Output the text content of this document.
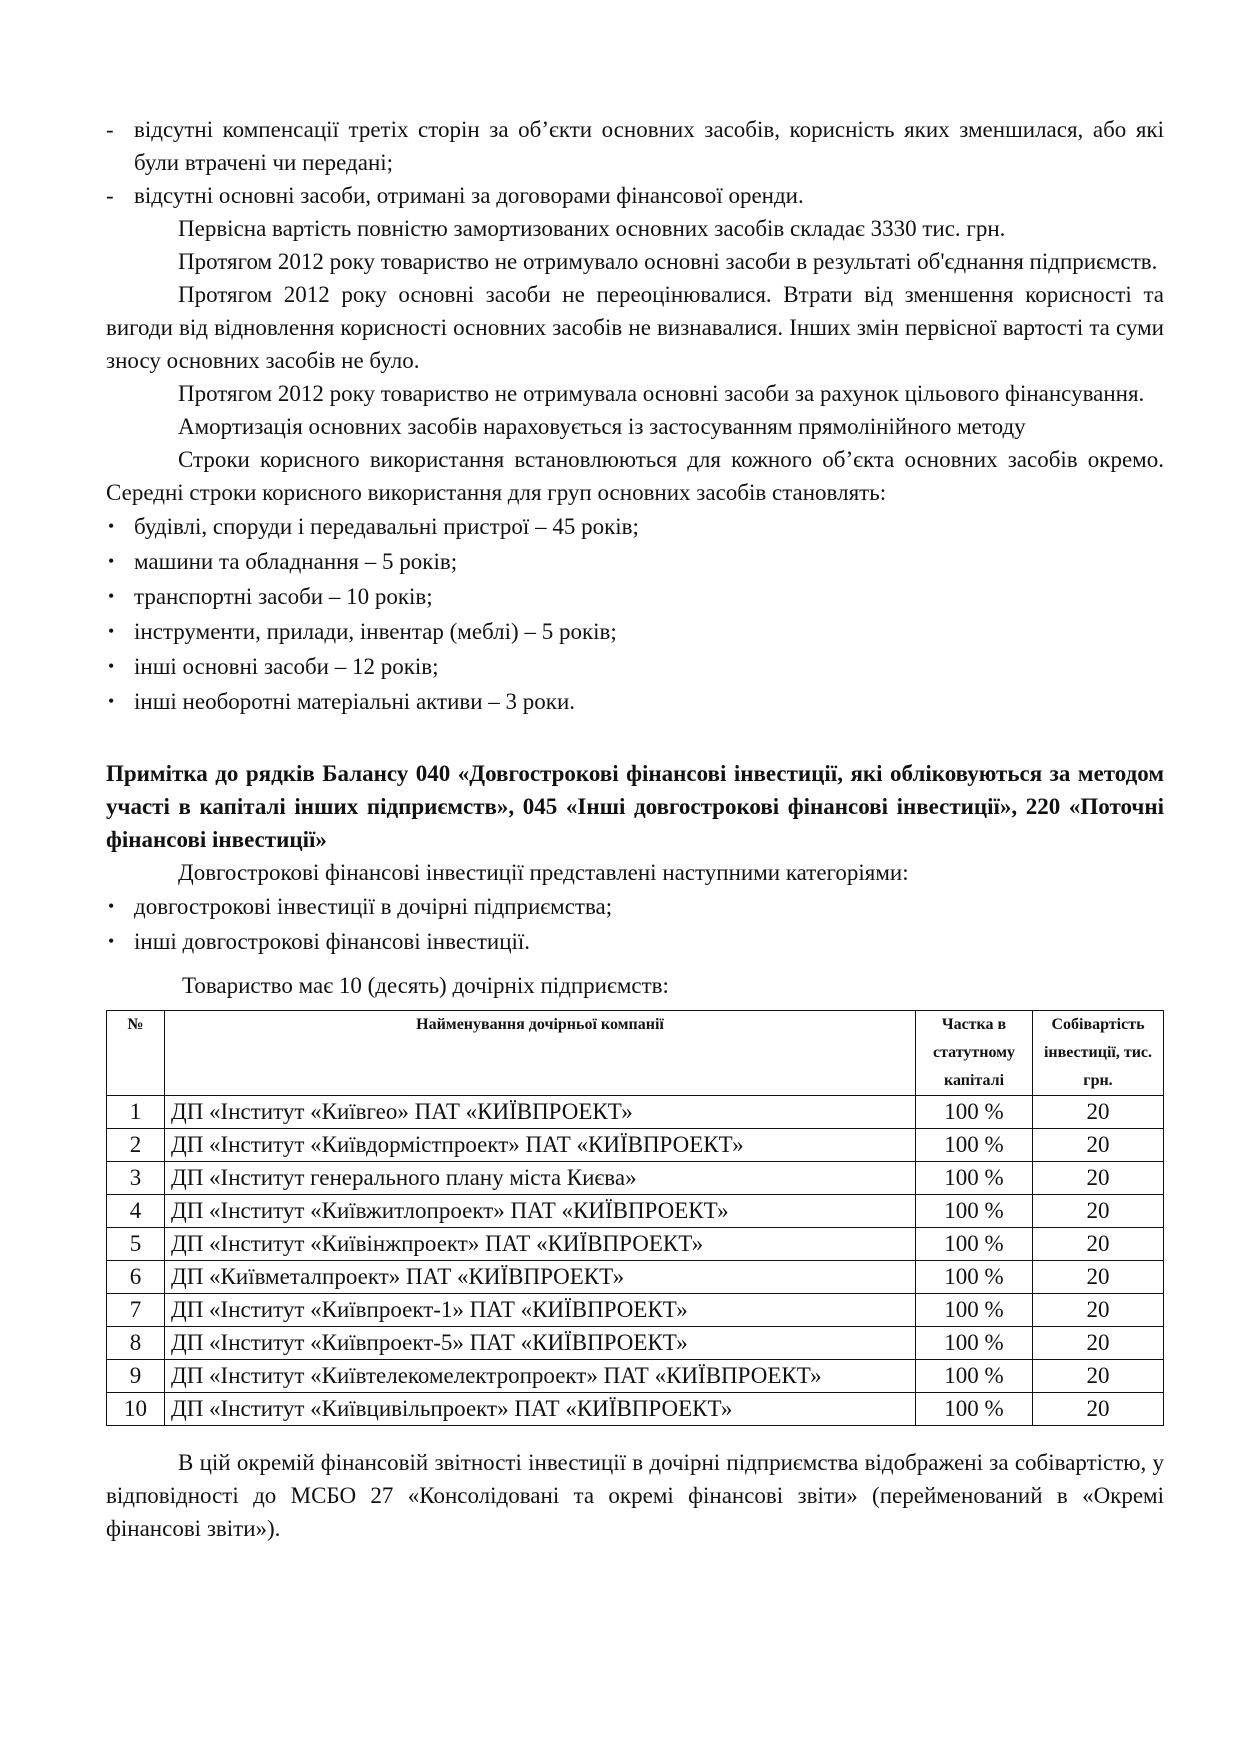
- відсутні компенсації третіх сторін за об’єкти основних засобів, корисність яких зменшилася, або які були втрачені чи передані;
- відсутні основні засоби, отримані за договорами фінансової оренди.

Первісна вартість повністю замортизованих основних засобів складає 3330 тис. грн.

Протягом 2012 року товариство не отримувало основні засоби в результаті об'єднання підприємств.

Протягом 2012 року основні засоби не переоцінювалися. Втрати від зменшення корисності та вигоди від відновлення корисності основних засобів не визнавалися. Інших змін первісної вартості та суми зносу основних засобів не було.

Протягом 2012 року товариство не отримувала основні засоби за рахунок цільового фінансування.

Амортизація основних засобів нараховується із застосуванням прямолінійного методу

Строки корисного використання встановлюються для кожного об’єкта основних засобів окремо. Середні строки корисного використання для груп основних засобів становлять:

• будівлі, споруди і передавальні пристрої – 45 років;
• машини та обладнання – 5 років;
• транспортні засоби – 10 років;
• інструменти, прилади, інвентар (меблі) – 5 років;
• інші основні засоби – 12 років;
• інші необоротні матеріальні активи – 3 роки.

Примітка до рядків Балансу 040 «Довгострокові фінансові інвестиції, які обліковуються за методом участі в капіталі інших підприємств», 045 «Інші довгострокові фінансові інвестиції», 220 «Поточні фінансові інвестиції»

Довгострокові фінансові інвестиції представлені наступними категоріями:

• довгострокові інвестиції в дочірні підприємства;
• інші довгострокові фінансові інвестиції.

Товариство має 10 (десять) дочірніх підприємств:

№	Найменування дочірньої компанії	Частка в статутному капіталі	Собівартість інвестиції, тис. грн.
1	ДП «Інститут «Київгео» ПАТ «КИЇВПРОЕКТ»	100 %	20
2	ДП «Інститут «Київдормістпроект» ПАТ «КИЇВПРОЕКТ»	100 %	20
3	ДП «Інститут генерального плану міста Києва»	100 %	20
4	ДП «Інститут «Київжитлопроект» ПАТ «КИЇВПРОЕКТ»	100 %	20
5	ДП «Інститут «Київінжпроект» ПАТ «КИЇВПРОЕКТ»	100 %	20
6	ДП «Київметалпроект» ПАТ «КИЇВПРОЕКТ»	100 %	20
7	ДП «Інститут «Київпроект-1» ПАТ «КИЇВПРОЕКТ»	100 %	20
8	ДП «Інститут «Київпроект-5» ПАТ «КИЇВПРОЕКТ»	100 %	20
9	ДП «Інститут «Київтелекомелектропроект» ПАТ «КИЇВПРОЕКТ»	100 %	20
10	ДП «Інститут «Київцивільпроект» ПАТ «КИЇВПРОЕКТ»	100 %	20

В цій окремій фінансовій звітності інвестиції в дочірні підприємства відображені за собівартістю, у відповідності до МСБО 27 «Консолідовані та окремі фінансові звіти» (перейменований в «Окремі фінансові звіти»).
